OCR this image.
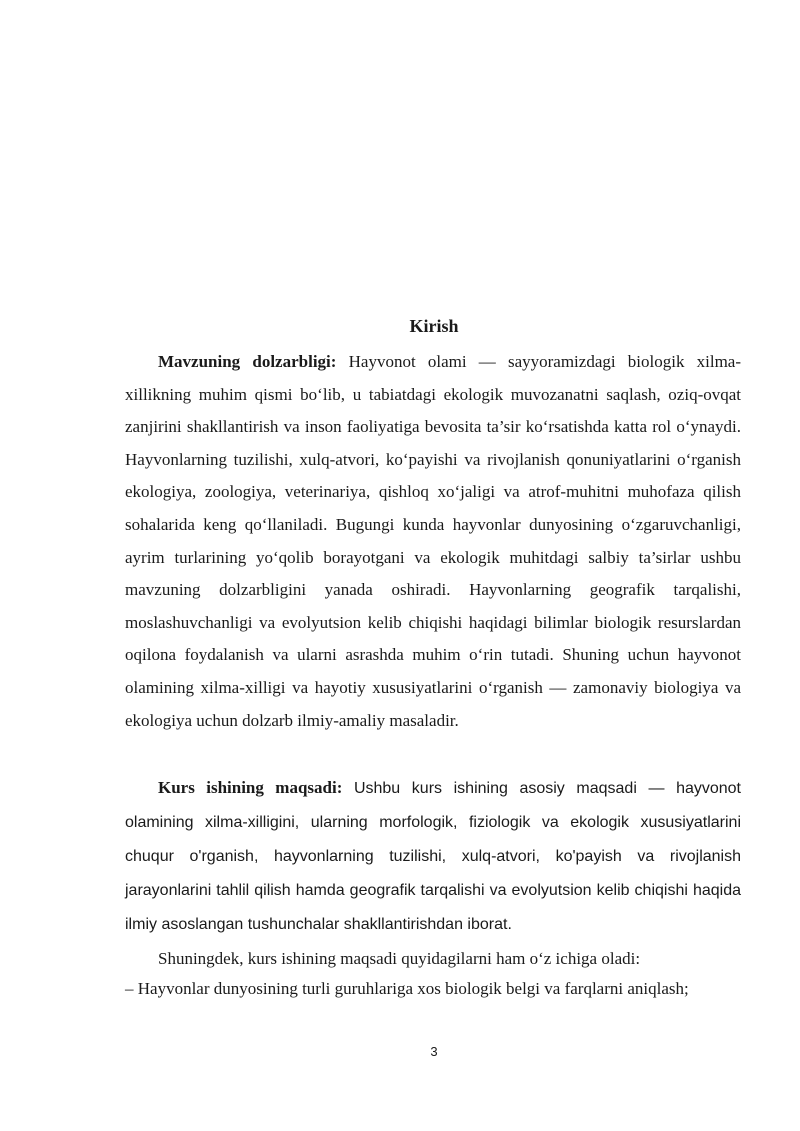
Kirish

Mavzuning dolzarbligi: Hayvonot olami — sayyoramizdagi biologik xilma-xillikning muhim qismi bo‘lib, u tabiatdagi ekologik muvozanatni saqlash, oziq-ovqat zanjirini shakllantirish va inson faoliyatiga bevosita ta’sir ko‘rsatishda katta rol o‘ynaydi. Hayvonlarning tuzilishi, xulq-atvori, ko‘payishi va rivojlanish qonuniyatlarini o‘rganish ekologiya, zoologiya, veterinariya, qishloq xo‘jaligi va atrof-muhitni muhofaza qilish sohalarida keng qo‘llaniladi. Bugungi kunda hayvonlar dunyosining o‘zgaruvchanligi, ayrim turlarining yo‘qolib borayotgani va ekologik muhitdagi salbiy ta’sirlar ushbu mavzuning dolzarbligini yanada oshiradi. Hayvonlarning geografik tarqalishi, moslashuvchanligi va evolyutsion kelib chiqishi haqidagi bilimlar biologik resurslardan oqilona foydalanish va ularni asrashda muhim o‘rin tutadi. Shuning uchun hayvonot olamining xilma-xilligi va hayotiy xususiyatlarini o‘rganish — zamonaviy biologiya va ekologiya uchun dolzarb ilmiy-amaliy masaladir.

Kurs ishining maqsadi: Ushbu kurs ishining asosiy maqsadi — hayvonot olamining xilma-xilligini, ularning morfologik, fiziologik va ekologik xususiyatlarini chuqur o'rganish, hayvonlarning tuzilishi, xulq-atvori, ko'payish va rivojlanish jarayonlarini tahlil qilish hamda geografik tarqalishi va evolyutsion kelib chiqishi haqida ilmiy asoslangan tushunchalar shakllantirishdan iborat.

Shuningdek, kurs ishining maqsadi quyidagilarni ham o‘z ichiga oladi:

– Hayvonlar dunyosining turli guruhlariga xos biologik belgi va farqlarni aniqlash;

3
